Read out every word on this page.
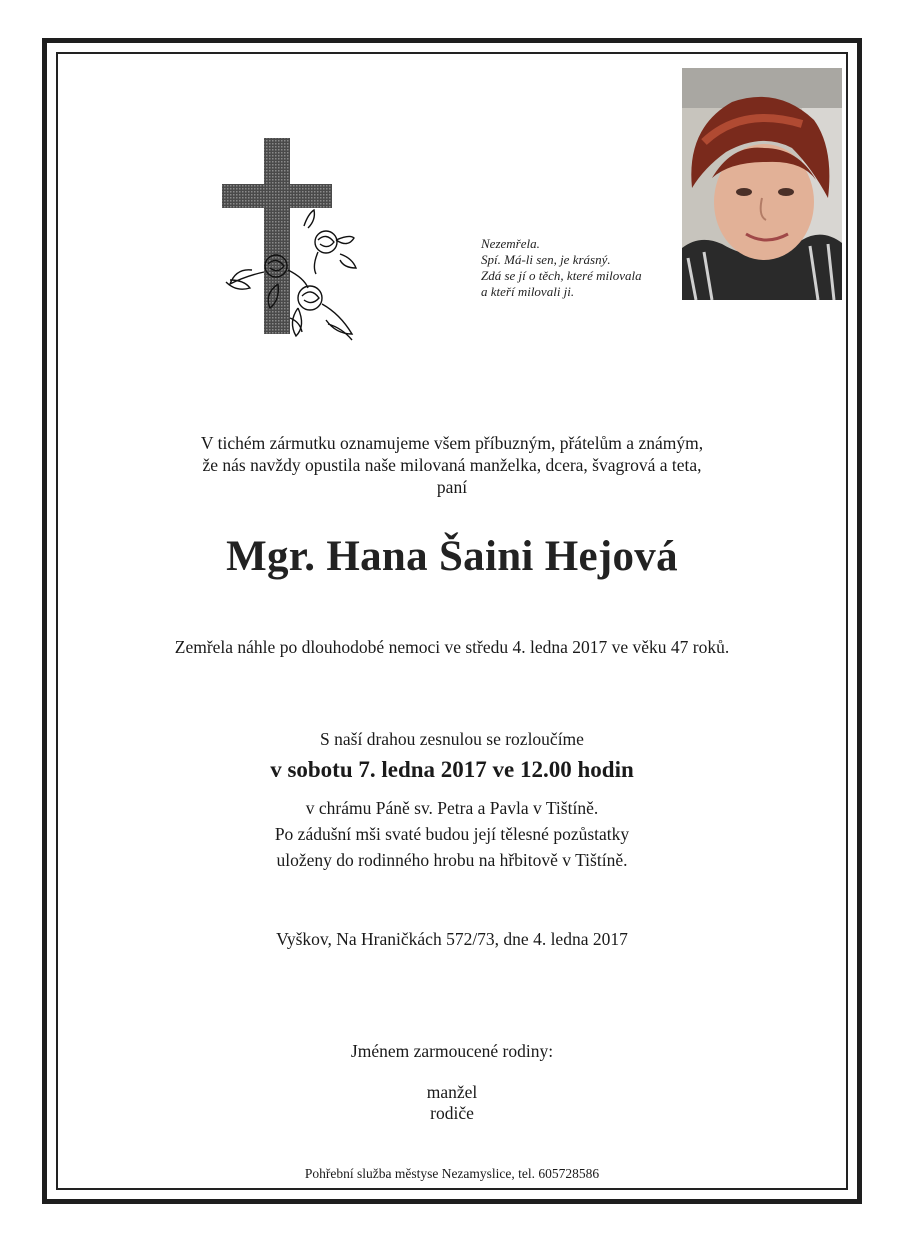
Nezemřela.
Spí. Má-li sen, je krásný.
Zdá se jí o těch, které milovala
a kteří milovali ji.
V tichém zármutku oznamujeme všem příbuzným, přátelům a známým,
že nás navždy opustila naše milovaná manželka, dcera, švagrová a teta,
paní
Mgr. Hana Šaini Hejová
Zemřela náhle po dlouhodobé nemoci ve středu 4. ledna 2017 ve věku 47 roků.
S naší drahou zesnulou se rozloučíme
v sobotu 7. ledna 2017 ve 12.00 hodin
v chrámu Páně sv. Petra a Pavla v Tištíně.
Po zádušní mši svaté budou její tělesné pozůstatky
uloženy do rodinného hrobu na hřbitově v Tištíně.
Vyškov, Na Hraničkách 572/73, dne 4. ledna 2017
Jménem zarmoucené rodiny:
manžel
rodiče
Pohřební služba městyse Nezamyslice, tel. 605728586
